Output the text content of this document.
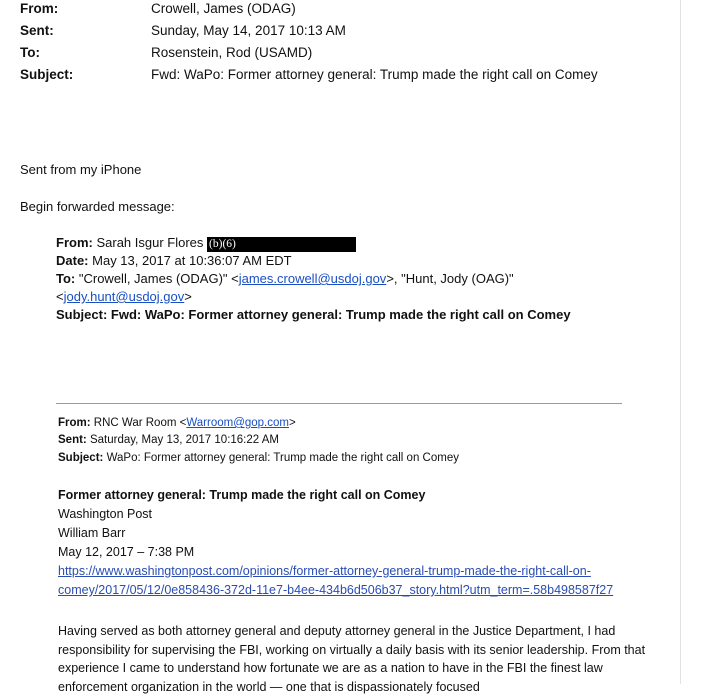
From:	Crowell, James (ODAG)
Sent:	Sunday, May 14, 2017 10:13 AM
To:	Rosenstein, Rod (USAMD)
Subject:	Fwd: WaPo: Former attorney general: Trump made the right call on Comey
Sent from my iPhone
Begin forwarded message:
From: Sarah Isgur Flores (b)(6)
Date: May 13, 2017 at 10:36:07 AM EDT
To: "Crowell, James (ODAG)" <james.crowell@usdoj.gov>, "Hunt, Jody (OAG)"
<jody.hunt@usdoj.gov>
Subject: Fwd: WaPo: Former attorney general: Trump made the right call on Comey
From: RNC War Room <Warroom@gop.com>
Sent: Saturday, May 13, 2017 10:16:22 AM
Subject: WaPo: Former attorney general: Trump made the right call on Comey
Former attorney general: Trump made the right call on Comey
Washington Post
William Barr
May 12, 2017 – 7:38 PM
https://www.washingtonpost.com/opinions/former-attorney-general-trump-made-the-right-call-on-
comey/2017/05/12/0e858436-372d-11e7-b4ee-434b6d506b37_story.html?utm_term=.58b498587f27
Having served as both attorney general and deputy attorney general in the Justice Department, I had responsibility for supervising the FBI, working on virtually a daily basis with its senior leadership. From that experience I came to understand how fortunate we are as a nation to have in the FBI the finest law enforcement organization in the world — one that is dispassionately focused
